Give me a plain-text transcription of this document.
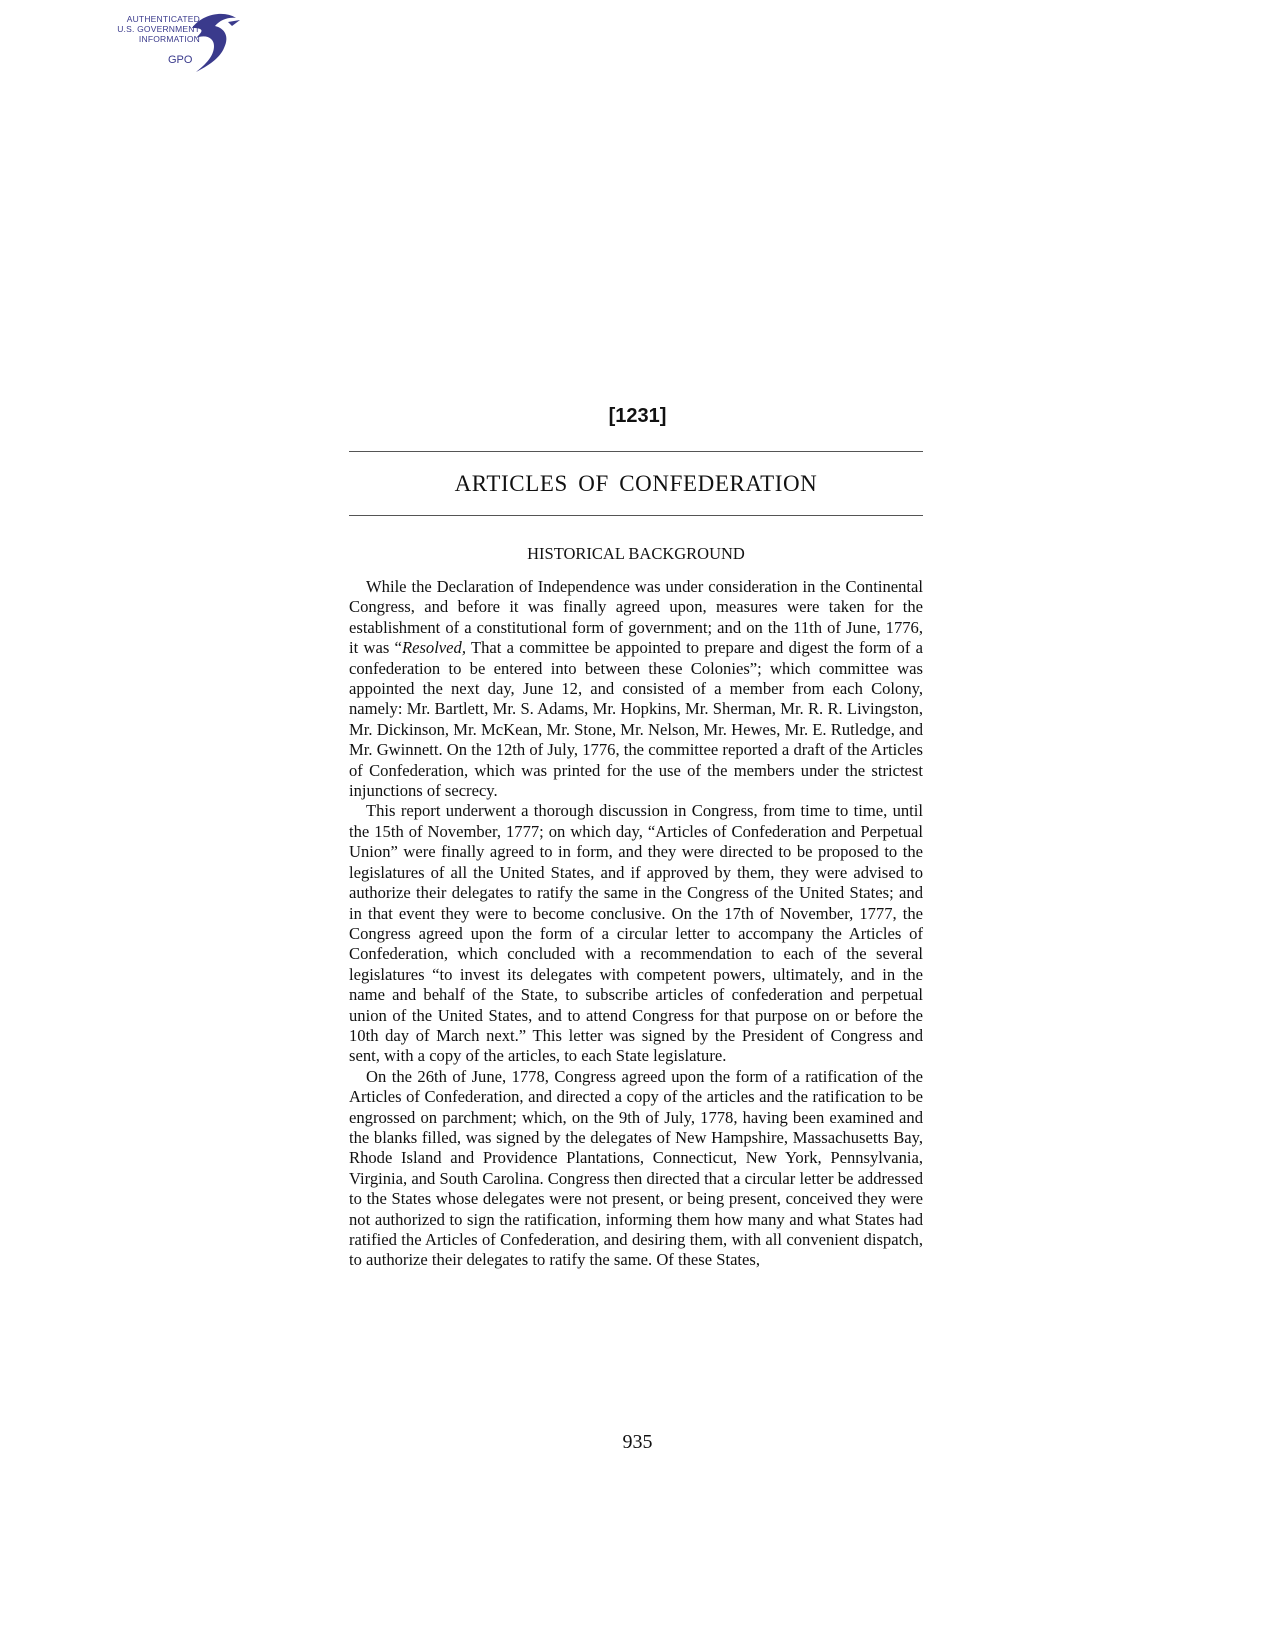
AUTHENTICATED
U.S. GOVERNMENT
INFORMATION
GPO
[1231]
ARTICLES OF CONFEDERATION
HISTORICAL BACKGROUND

While the Declaration of Independence was under consideration in the Continental Congress, and before it was finally agreed upon, measures were taken for the establishment of a constitutional form of government; and on the 11th of June, 1776, it was “Resolved, That a committee be appointed to prepare and digest the form of a confederation to be entered into between these Colonies”; which committee was appointed the next day, June 12, and consisted of a member from each Colony, namely: Mr. Bartlett, Mr. S. Adams, Mr. Hopkins, Mr. Sherman, Mr. R. R. Livingston, Mr. Dickinson, Mr. McKean, Mr. Stone, Mr. Nelson, Mr. Hewes, Mr. E. Rutledge, and Mr. Gwinnett. On the 12th of July, 1776, the committee reported a draft of the Articles of Confederation, which was printed for the use of the members under the strictest injunctions of secrecy.

This report underwent a thorough discussion in Congress, from time to time, until the 15th of November, 1777; on which day, “Articles of Confederation and Perpetual Union” were finally agreed to in form, and they were directed to be proposed to the legislatures of all the United States, and if approved by them, they were advised to authorize their delegates to ratify the same in the Congress of the United States; and in that event they were to become conclusive. On the 17th of November, 1777, the Congress agreed upon the form of a circular letter to accompany the Articles of Confederation, which concluded with a recommendation to each of the several legislatures “to invest its delegates with competent powers, ultimately, and in the name and behalf of the State, to subscribe articles of confederation and perpetual union of the United States, and to attend Congress for that purpose on or before the 10th day of March next.” This letter was signed by the President of Congress and sent, with a copy of the articles, to each State legislature.

On the 26th of June, 1778, Congress agreed upon the form of a ratification of the Articles of Confederation, and directed a copy of the articles and the ratification to be engrossed on parchment; which, on the 9th of July, 1778, having been examined and the blanks filled, was signed by the delegates of New Hampshire, Massachusetts Bay, Rhode Island and Providence Plantations, Connecticut, New York, Pennsylvania, Virginia, and South Carolina. Congress then directed that a circular letter be addressed to the States whose delegates were not present, or being present, conceived they were not authorized to sign the ratification, informing them how many and what States had ratified the Articles of Confederation, and desiring them, with all convenient dispatch, to authorize their delegates to ratify the same. Of these States,

935
